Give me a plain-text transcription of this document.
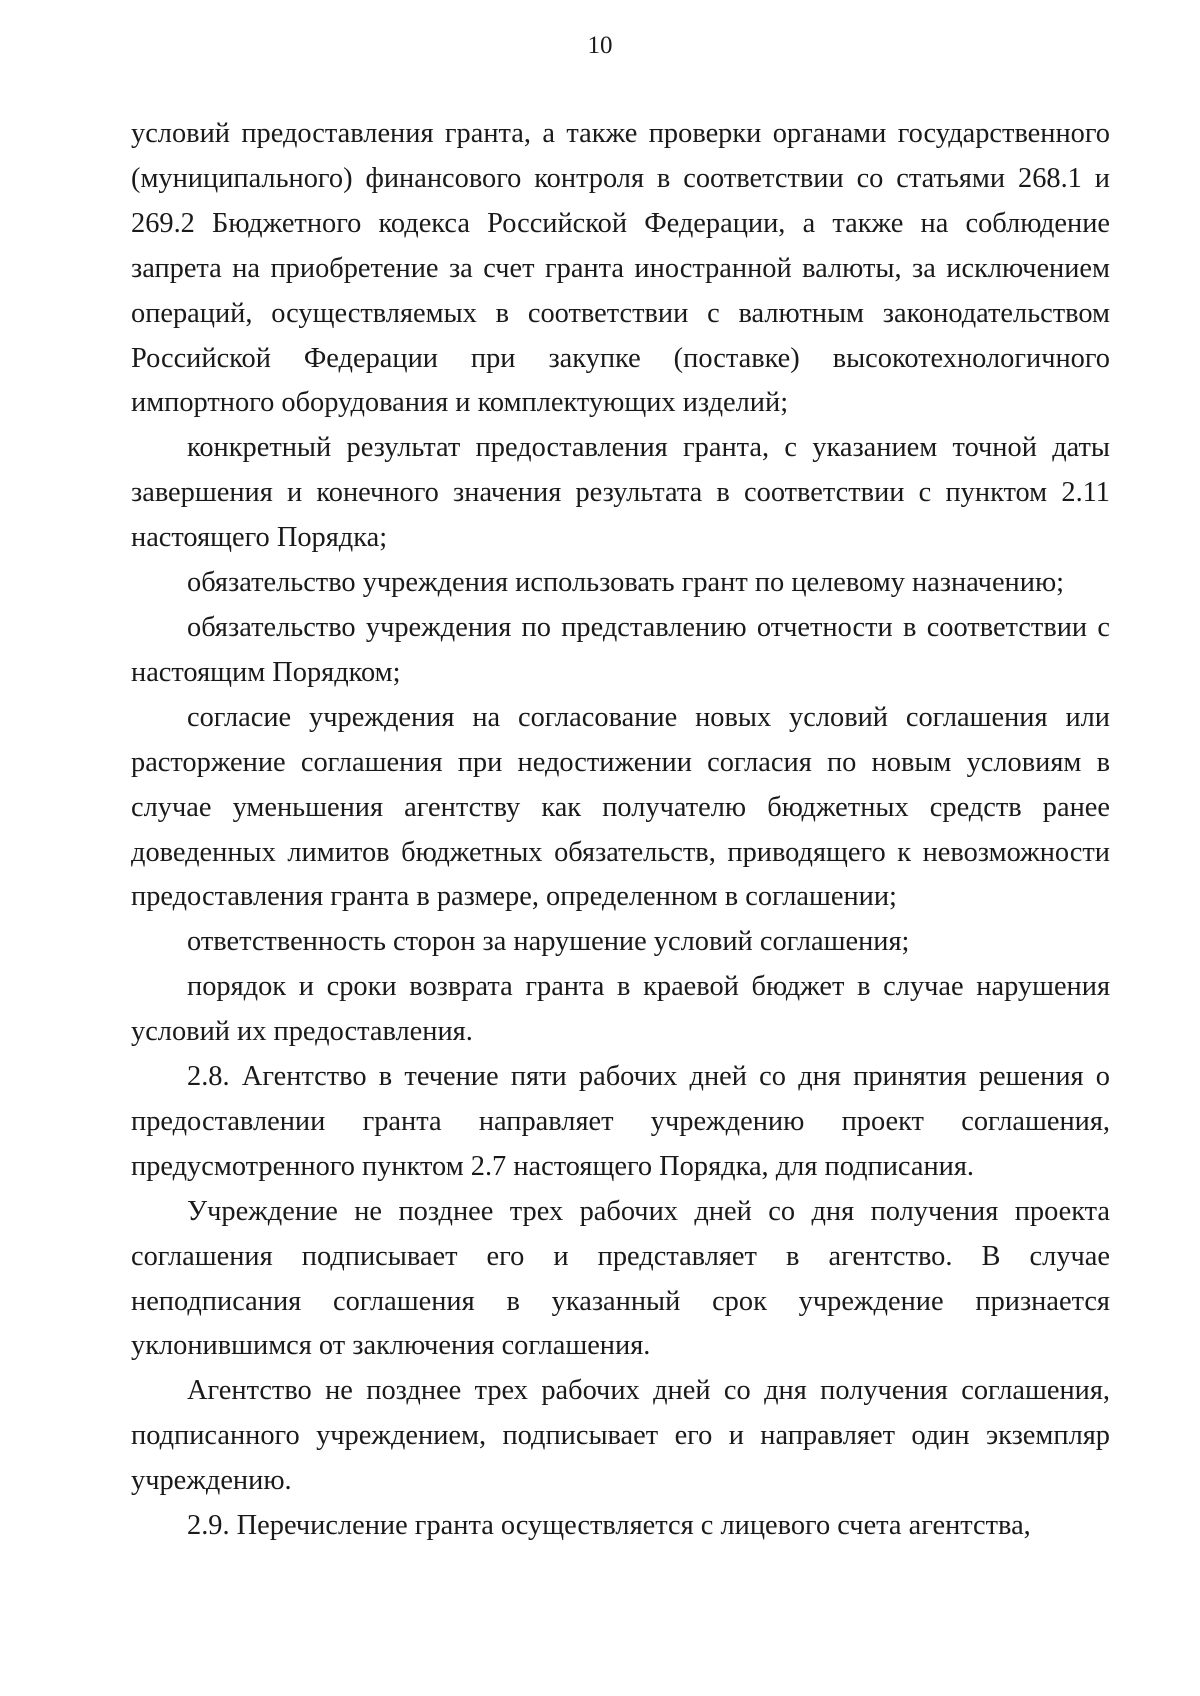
10

условий предоставления гранта, а также проверки органами государственного (муниципального) финансового контроля в соответствии со статьями 268.1 и 269.2 Бюджетного кодекса Российской Федерации, а также на соблюдение запрета на приобретение за счет гранта иностранной валюты, за исключением операций, осуществляемых в соответствии с валютным законодательством Российской Федерации при закупке (поставке) высокотехнологичного импортного оборудования и комплектующих изделий;

конкретный результат предоставления гранта, с указанием точной даты завершения и конечного значения результата в соответствии с пунктом 2.11 настоящего Порядка;

обязательство учреждения использовать грант по целевому назначению;

обязательство учреждения по представлению отчетности в соответствии с настоящим Порядком;

согласие учреждения на согласование новых условий соглашения или расторжение соглашения при недостижении согласия по новым условиям в случае уменьшения агентству как получателю бюджетных средств ранее доведенных лимитов бюджетных обязательств, приводящего к невозможности предоставления гранта в размере, определенном в соглашении;

ответственность сторон за нарушение условий соглашения;

порядок и сроки возврата гранта в краевой бюджет в случае нарушения условий их предоставления.

2.8. Агентство в течение пяти рабочих дней со дня принятия решения о предоставлении гранта направляет учреждению проект соглашения, предусмотренного пунктом 2.7 настоящего Порядка, для подписания.

Учреждение не позднее трех рабочих дней со дня получения проекта соглашения подписывает его и представляет в агентство. В случае неподписания соглашения в указанный срок учреждение признается уклонившимся от заключения соглашения.

Агентство не позднее трех рабочих дней со дня получения соглашения, подписанного учреждением, подписывает его и направляет один экземпляр учреждению.

2.9. Перечисление гранта осуществляется с лицевого счета агентства,
